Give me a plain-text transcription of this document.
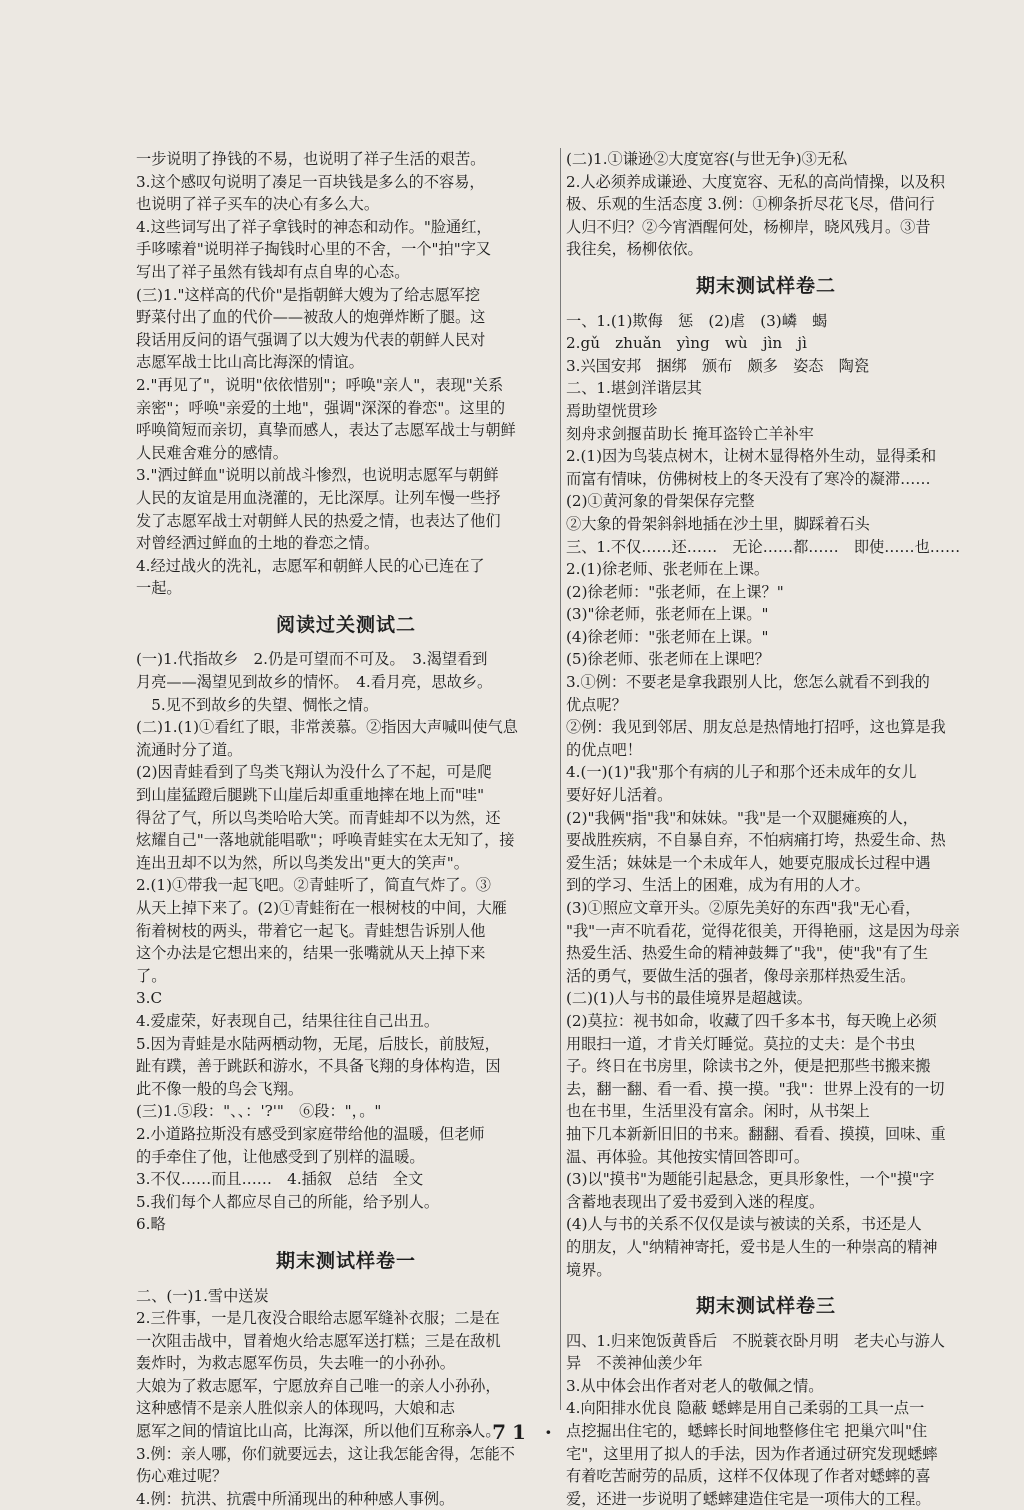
一步说明了挣钱的不易，也说明了祥子生活的艰苦。
3.这个感叹句说明了凑足一百块钱是多么的不容易，
也说明了祥子买车的决心有多么大。
4.这些词写出了祥子拿钱时的神态和动作。"脸通红，
手哆嗦着"说明祥子掏钱时心里的不舍，一个"拍"字又
写出了祥子虽然有钱却有点自卑的心态。
(三)1."这样高的代价"是指朝鲜大嫂为了给志愿军挖
野菜付出了血的代价——被敌人的炮弹炸断了腿。这
段话用反问的语气强调了以大嫂为代表的朝鲜人民对
志愿军战士比山高比海深的情谊。
2."再见了"，说明"依依惜别"；呼唤"亲人"，表现"关系
亲密"；呼唤"亲爱的土地"，强调"深深的眷恋"。这里的
呼唤简短而亲切，真挚而感人，表达了志愿军战士与朝鲜
人民难舍难分的感情。
3."洒过鲜血"说明以前战斗惨烈，也说明志愿军与朝鲜
人民的友谊是用血浇灌的，无比深厚。让列车慢一些抒
发了志愿军战士对朝鲜人民的热爱之情，也表达了他们
对曾经洒过鲜血的土地的眷恋之情。
4.经过战火的洗礼，志愿军和朝鲜人民的心已连在了
一起。
阅读过关测试二
(一)1.代指故乡　2.仍是可望而不可及。　3.渴望看到
月亮——渴望见到故乡的情怀。　4.看月亮，思故乡。
　5.见不到故乡的失望、惆怅之情。
(二)1.(1)①看红了眼，非常羡慕。②指因大声喊叫使气息
流通时分了道。
(2)因青蛙看到了鸟类飞翔认为没什么了不起，可是爬
到山崖猛蹬后腿跳下山崖后却重重地摔在地上而"哇"
得岔了气，所以鸟类哈哈大笑。而青蛙却不以为然，还
炫耀自己"一落地就能唱歌"；呼唤青蛙实在太无知了，接
连出丑却不以为然，所以鸟类发出"更大的笑声"。
2.(1)①带我一起飞吧。②青蛙听了，简直气炸了。③
从天上掉下来了。(2)①青蛙衔在一根树枝的中间，大雁
衔着树枝的两头，带着它一起飞。青蛙想告诉别人他
这个办法是它想出来的，结果一张嘴就从天上掉下来
了。
3.C
4.爱虚荣，好表现自己，结果往往自己出丑。
5.因为青蛙是水陆两栖动物，无尾，后肢长，前肢短，
趾有蹼，善于跳跃和游水，不具备飞翔的身体构造，因
此不像一般的鸟会飞翔。
(三)1.⑤段："、、：'?'"　⑥段："，。"
2.小道路拉斯没有感受到家庭带给他的温暖，但老师
的手牵住了他，让他感受到了别样的温暖。
3.不仅……而且……　4.插叙　总结　全文
5.我们每个人都应尽自己的所能，给予别人。
6.略
期末测试样卷一
二、(一)1.雪中送炭
2.三件事，一是几夜没合眼给志愿军缝补衣服；二是在
一次阻击战中，冒着炮火给志愿军送打糕；三是在敌机
轰炸时，为救志愿军伤员，失去唯一的小孙孙。
大娘为了救志愿军，宁愿放弃自己唯一的亲人小孙孙，
这种感情不是亲人胜似亲人的体现吗，大娘和志
愿军之间的情谊比山高，比海深，所以他们互称亲人。
3.例：亲人哪，你们就要远去，这让我怎能舍得，怎能不
伤心难过呢？
4.例：抗洪、抗震中所涌现出的种种感人事例。
(二)1.①谦逊②大度宽容(与世无争)③无私
2.人必须养成谦逊、大度宽容、无私的高尚情操，以及积
极、乐观的生活态度 3.例：①柳条折尽花飞尽，借问行
人归不归？②今宵酒醒何处，杨柳岸，晓风残月。③昔
我往矣，杨柳依依。
期末测试样卷二
一、1.(1)欺侮　惩　(2)虐　(3)嶙　蝎
2.gǔ　zhuǎn　yìng　wù　jìn　jì
3.兴国安邦　捆绑　颁布　颇多　姿态　陶瓷
二、1.堪剑洋谐层其
焉助望恍贯珍
刻舟求剑揠苗助长 掩耳盗铃亡羊补牢
2.(1)因为鸟装点树木，让树木显得格外生动，显得柔和
而富有情味，仿佛树枝上的冬天没有了寒冷的凝滞……
(2)①黄河象的骨架保存完整
②大象的骨架斜斜地插在沙土里，脚踩着石头
三、1.不仅……还……　无论……都……　即使……也……
2.(1)徐老师、张老师在上课。
(2)徐老师："张老师，在上课？"
(3)"徐老师，张老师在上课。"
(4)徐老师："张老师在上课。"
(5)徐老师、张老师在上课吧？
3.①例：不要老是拿我跟别人比，您怎么就看不到我的
优点呢？
②例：我见到邻居、朋友总是热情地打招呼，这也算是我
的优点吧！
4.(一)(1)"我"那个有病的儿子和那个还未成年的女儿
要好好儿活着。
(2)"我俩"指"我"和妹妹。"我"是一个双腿瘫痪的人，
要战胜疾病，不自暴自弃，不怕病痛打垮，热爱生命、热
爱生活；妹妹是一个未成年人，她要克服成长过程中遇
到的学习、生活上的困难，成为有用的人才。
(3)①照应文章开头。②原先美好的东西"我"无心看，
"我"一声不吭看花，觉得花很美，开得艳丽，这是因为母亲
热爱生活、热爱生命的精神鼓舞了"我"，使"我"有了生
活的勇气，要做生活的强者，像母亲那样热爱生活。
(二)(1)人与书的最佳境界是超越读。
(2)莫拉：视书如命，收藏了四千多本书，每天晚上必须
用眼扫一道，才肯关灯睡觉。莫拉的丈夫：是个书虫
子。终日在书房里，除读书之外，便是把那些书搬来搬
去，翻一翻、看一看、摸一摸。"我"：世界上没有的一切
也在书里，生活里没有富余。闲时，从书架上
抽下几本新新旧旧的书来。翻翻、看看、摸摸，回味、重
温、再体验。其他按实情回答即可。
(3)以"摸书"为题能引起悬念，更具形象性，一个"摸"字
含蓄地表现出了爱书爱到入迷的程度。
(4)人与书的关系不仅仅是读与被读的关系，书还是人
的朋友，人"纳精神寄托，爱书是人生的一种崇高的精神
境界。
期末测试样卷三
四、1.归来饱饭黄昏后　不脱蓑衣卧月明　老夫心与游人
异　不羡神仙羡少年
3.从中体会出作者对老人的敬佩之情。
4.向阳排水优良 隐蔽 蟋蟀是用自己柔弱的工具一点一
点挖掘出住宅的，蟋蟀长时间地整修住宅 把巢穴叫"住
宅"，这里用了拟人的手法，因为作者通过研究发现蟋蟀
有着吃苦耐劳的品质，这样不仅体现了作者对蟋蟀的喜
爱，还进一步说明了蟋蟀建造住宅是一项伟大的工程。
· 71 ·
